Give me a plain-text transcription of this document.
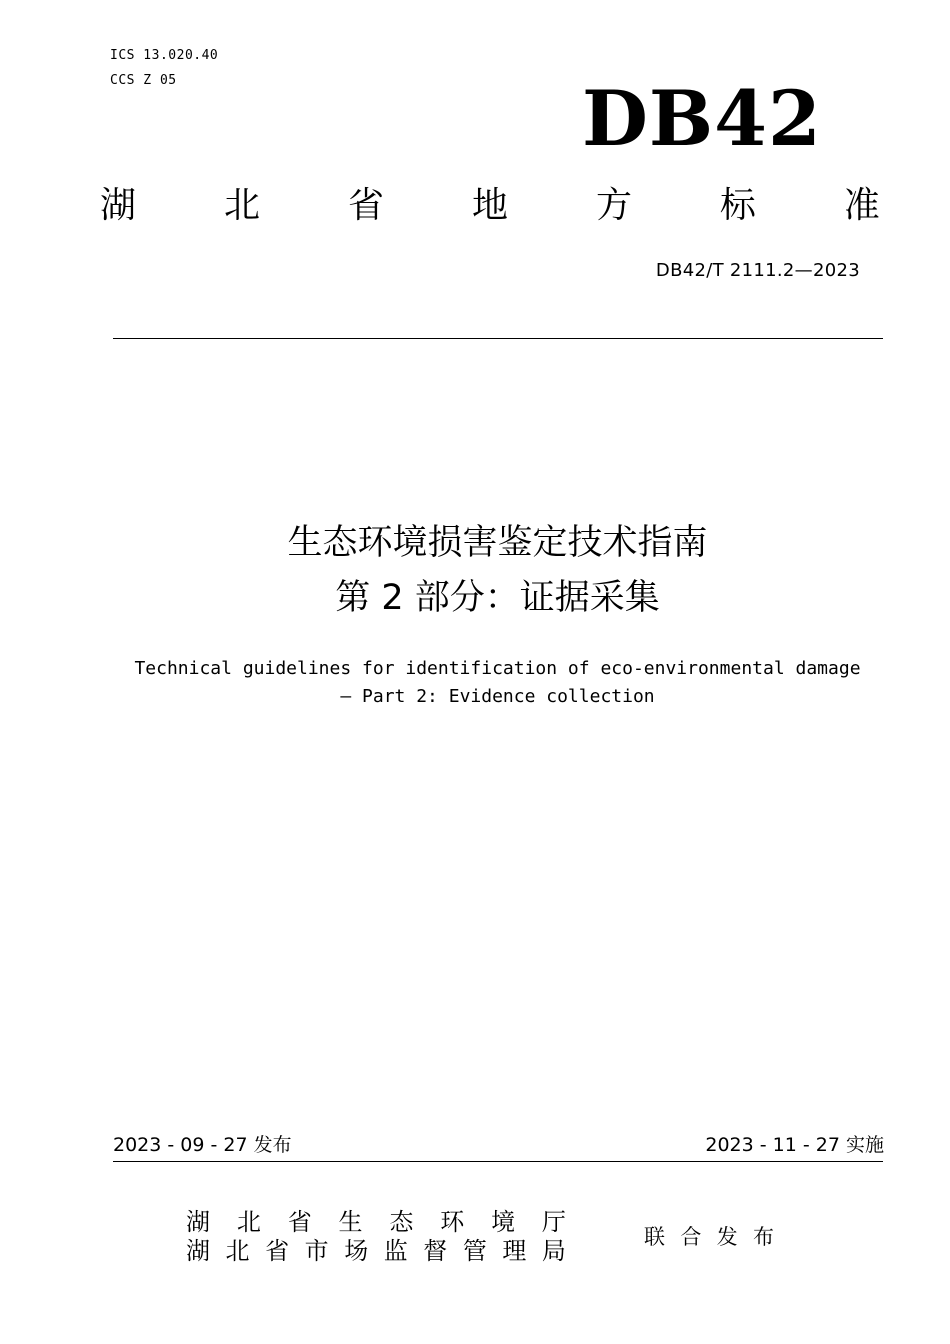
ICS 13.020.40
CCS Z 05	DB42
湖 北 省 地 方 标 准
DB42/T 2111.2—2023
生态环境损害鉴定技术指南
第 2 部分：证据采集
Technical guidelines for identification of eco-environmental damage
— Part 2: Evidence collection
2023 - 09 - 27 发布	2023 - 11 - 27 实施
湖 北 省 生 态 环 境 厅
湖 北 省 市 场 监 督 管 理 局	联 合 发 布
